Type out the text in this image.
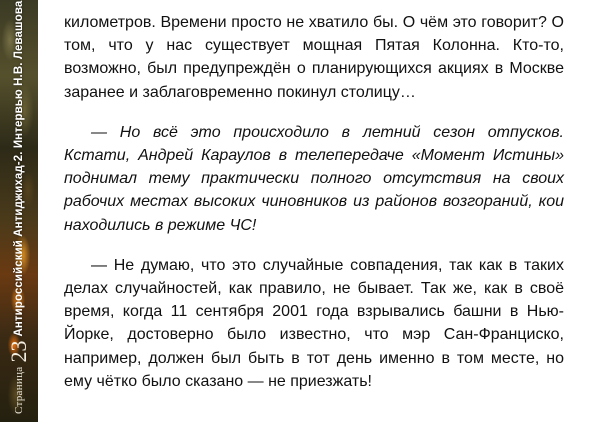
Страница
23
Антироссийский Антиджихад-2. Интервью Н.В. Левашова километров. Времени просто не хватило бы. О чём это говорит? О том, что у нас существует мощная Пятая Колонна. Кто-то, возможно, был предупреждён о планирующихся акциях в Москве заранее и заблаговременно покинул столицу…

— Но всё это происходило в летний сезон отпусков. Кстати, Андрей Караулов в телепередаче «Момент Истины» поднимал тему практически полного отсутствия на своих рабочих местах высоких чиновников из районов возгораний, кои находились в режиме ЧС!

— Не думаю, что это случайные совпадения, так как в таких делах случайностей, как правило, не бывает. Так же, как в своё время, когда 11 сентября 2001 года взрывались башни в Нью-Йорке, достоверно было известно, что мэр Сан-Франциско, например, должен был быть в тот день именно в том месте, но ему чётко было сказано — не приезжать!
